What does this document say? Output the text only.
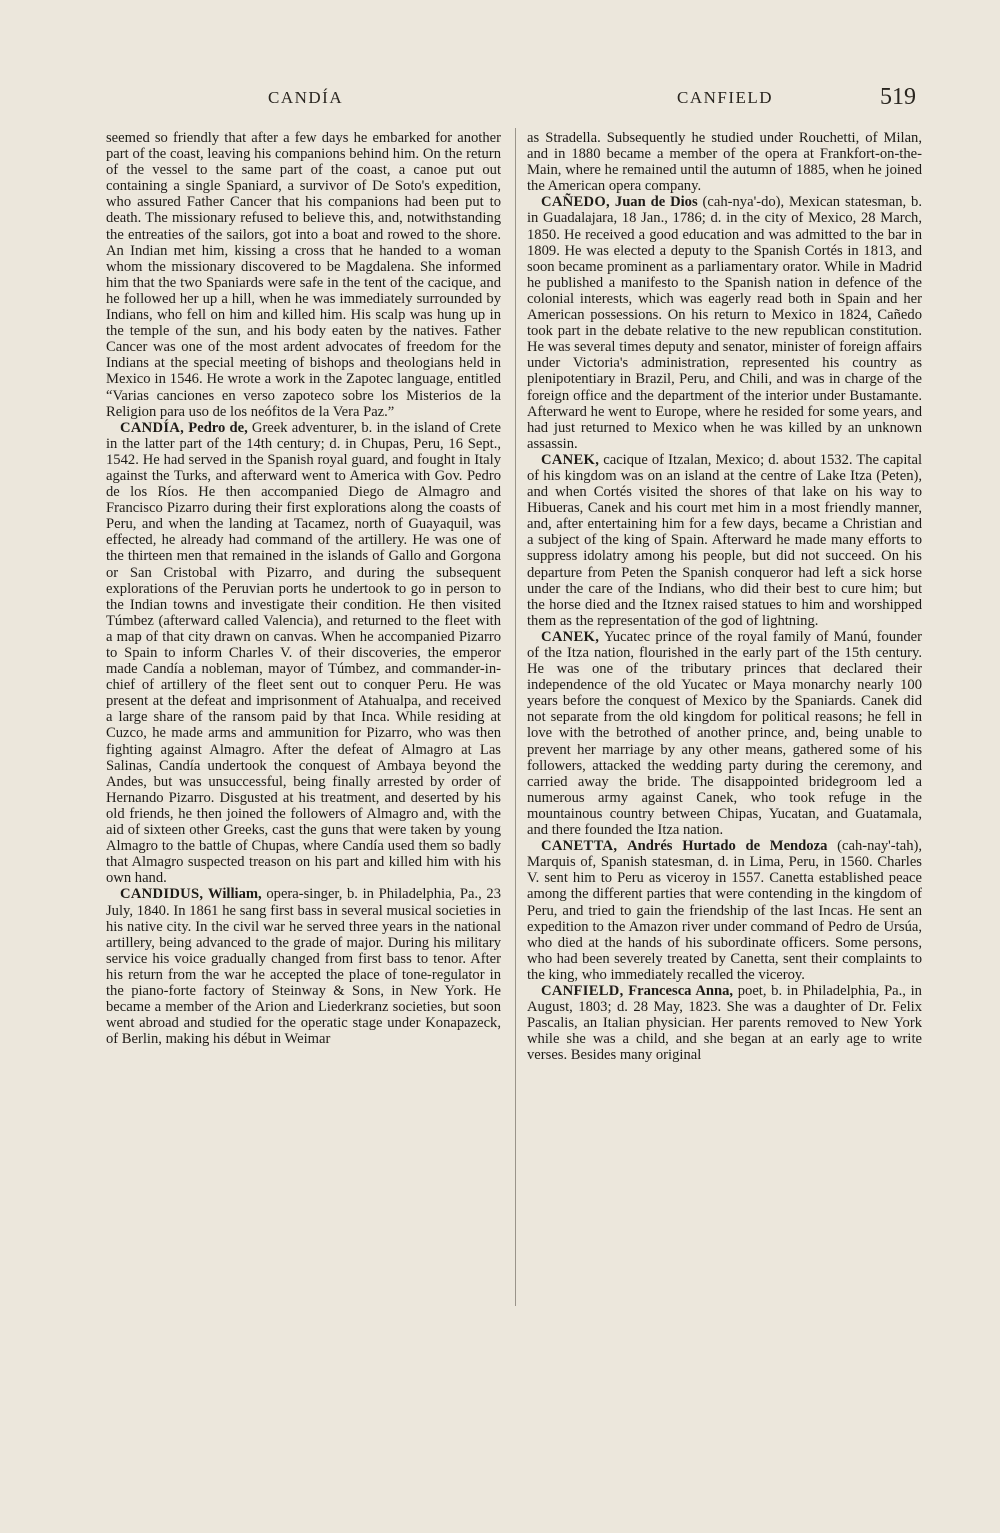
CANDÍA	CANFIELD	519

seemed so friendly that after a few days he embarked for another part of the coast, leaving his companions behind him. On the return of the vessel to the same part of the coast, a canoe put out containing a single Spaniard, a survivor of De Soto's expedition, who assured Father Cancer that his companions had been put to death. The missionary refused to believe this, and, notwithstanding the entreaties of the sailors, got into a boat and rowed to the shore. An Indian met him, kissing a cross that he handed to a woman whom the missionary discovered to be Magdalena. She informed him that the two Spaniards were safe in the tent of the cacique, and he followed her up a hill, when he was immediately surrounded by Indians, who fell on him and killed him. His scalp was hung up in the temple of the sun, and his body eaten by the natives. Father Cancer was one of the most ardent advocates of freedom for the Indians at the special meeting of bishops and theologians held in Mexico in 1546. He wrote a work in the Zapotec language, entitled “Varias canciones en verso zapoteco sobre los Misterios de la Religion para uso de los neófitos de la Vera Paz.”

CANDÍA, Pedro de, Greek adventurer, b. in the island of Crete in the latter part of the 14th century; d. in Chupas, Peru, 16 Sept., 1542. He had served in the Spanish royal guard, and fought in Italy against the Turks, and afterward went to America with Gov. Pedro de los Ríos. He then accompanied Diego de Almagro and Francisco Pizarro during their first explorations along the coasts of Peru, and when the landing at Tacamez, north of Guayaquil, was effected, he already had command of the artillery. He was one of the thirteen men that remained in the islands of Gallo and Gorgona or San Cristobal with Pizarro, and during the subsequent explorations of the Peruvian ports he undertook to go in person to the Indian towns and investigate their condition. He then visited Túmbez (afterward called Valencia), and returned to the fleet with a map of that city drawn on canvas. When he accompanied Pizarro to Spain to inform Charles V. of their discoveries, the emperor made Candía a nobleman, mayor of Túmbez, and commander-in-chief of artillery of the fleet sent out to conquer Peru. He was present at the defeat and imprisonment of Atahualpa, and received a large share of the ransom paid by that Inca. While residing at Cuzco, he made arms and ammunition for Pizarro, who was then fighting against Almagro. After the defeat of Almagro at Las Salinas, Candía undertook the conquest of Ambaya beyond the Andes, but was unsuccessful, being finally arrested by order of Hernando Pizarro. Disgusted at his treatment, and deserted by his old friends, he then joined the followers of Almagro and, with the aid of sixteen other Greeks, cast the guns that were taken by young Almagro to the battle of Chupas, where Candía used them so badly that Almagro suspected treason on his part and killed him with his own hand.

CANDIDUS, William, opera-singer, b. in Philadelphia, Pa., 23 July, 1840. In 1861 he sang first bass in several musical societies in his native city. In the civil war he served three years in the national artillery, being advanced to the grade of major. During his military service his voice gradually changed from first bass to tenor. After his return from the war he accepted the place of tone-regulator in the piano-forte factory of Steinway & Sons, in New York. He became a member of the Arion and Liederkranz societies, but soon went abroad and studied for the operatic stage under Konapazeck, of Berlin, making his début in Weimar

as Stradella. Subsequently he studied under Rouchetti, of Milan, and in 1880 became a member of the opera at Frankfort-on-the-Main, where he remained until the autumn of 1885, when he joined the American opera company.

CAÑEDO, Juan de Dios (cah-nya'-do), Mexican statesman, b. in Guadalajara, 18 Jan., 1786; d. in the city of Mexico, 28 March, 1850. He received a good education and was admitted to the bar in 1809. He was elected a deputy to the Spanish Cortés in 1813, and soon became prominent as a parliamentary orator. While in Madrid he published a manifesto to the Spanish nation in defence of the colonial interests, which was eagerly read both in Spain and her American possessions. On his return to Mexico in 1824, Cañedo took part in the debate relative to the new republican constitution. He was several times deputy and senator, minister of foreign affairs under Victoria's administration, represented his country as plenipotentiary in Brazil, Peru, and Chili, and was in charge of the foreign office and the department of the interior under Bustamante. Afterward he went to Europe, where he resided for some years, and had just returned to Mexico when he was killed by an unknown assassin.

CANEK, cacique of Itzalan, Mexico; d. about 1532. The capital of his kingdom was on an island at the centre of Lake Itza (Peten), and when Cortés visited the shores of that lake on his way to Hibueras, Canek and his court met him in a most friendly manner, and, after entertaining him for a few days, became a Christian and a subject of the king of Spain. Afterward he made many efforts to suppress idolatry among his people, but did not succeed. On his departure from Peten the Spanish conqueror had left a sick horse under the care of the Indians, who did their best to cure him; but the horse died and the Itznex raised statues to him and worshipped them as the representation of the god of lightning.

CANEK, Yucatec prince of the royal family of Manú, founder of the Itza nation, flourished in the early part of the 15th century. He was one of the tributary princes that declared their independence of the old Yucatec or Maya monarchy nearly 100 years before the conquest of Mexico by the Spaniards. Canek did not separate from the old kingdom for political reasons; he fell in love with the betrothed of another prince, and, being unable to prevent her marriage by any other means, gathered some of his followers, attacked the wedding party during the ceremony, and carried away the bride. The disappointed bridegroom led a numerous army against Canek, who took refuge in the mountainous country between Chipas, Yucatan, and Guatamala, and there founded the Itza nation.

CANETTA, Andrés Hurtado de Mendoza (cah-nay'-tah), Marquis of, Spanish statesman, d. in Lima, Peru, in 1560. Charles V. sent him to Peru as viceroy in 1557. Canetta established peace among the different parties that were contending in the kingdom of Peru, and tried to gain the friendship of the last Incas. He sent an expedition to the Amazon river under command of Pedro de Ursúa, who died at the hands of his subordinate officers. Some persons, who had been severely treated by Canetta, sent their complaints to the king, who immediately recalled the viceroy.

CANFIELD, Francesca Anna, poet, b. in Philadelphia, Pa., in August, 1803; d. 28 May, 1823. She was a daughter of Dr. Felix Pascalis, an Italian physician. Her parents removed to New York while she was a child, and she began at an early age to write verses. Besides many original
